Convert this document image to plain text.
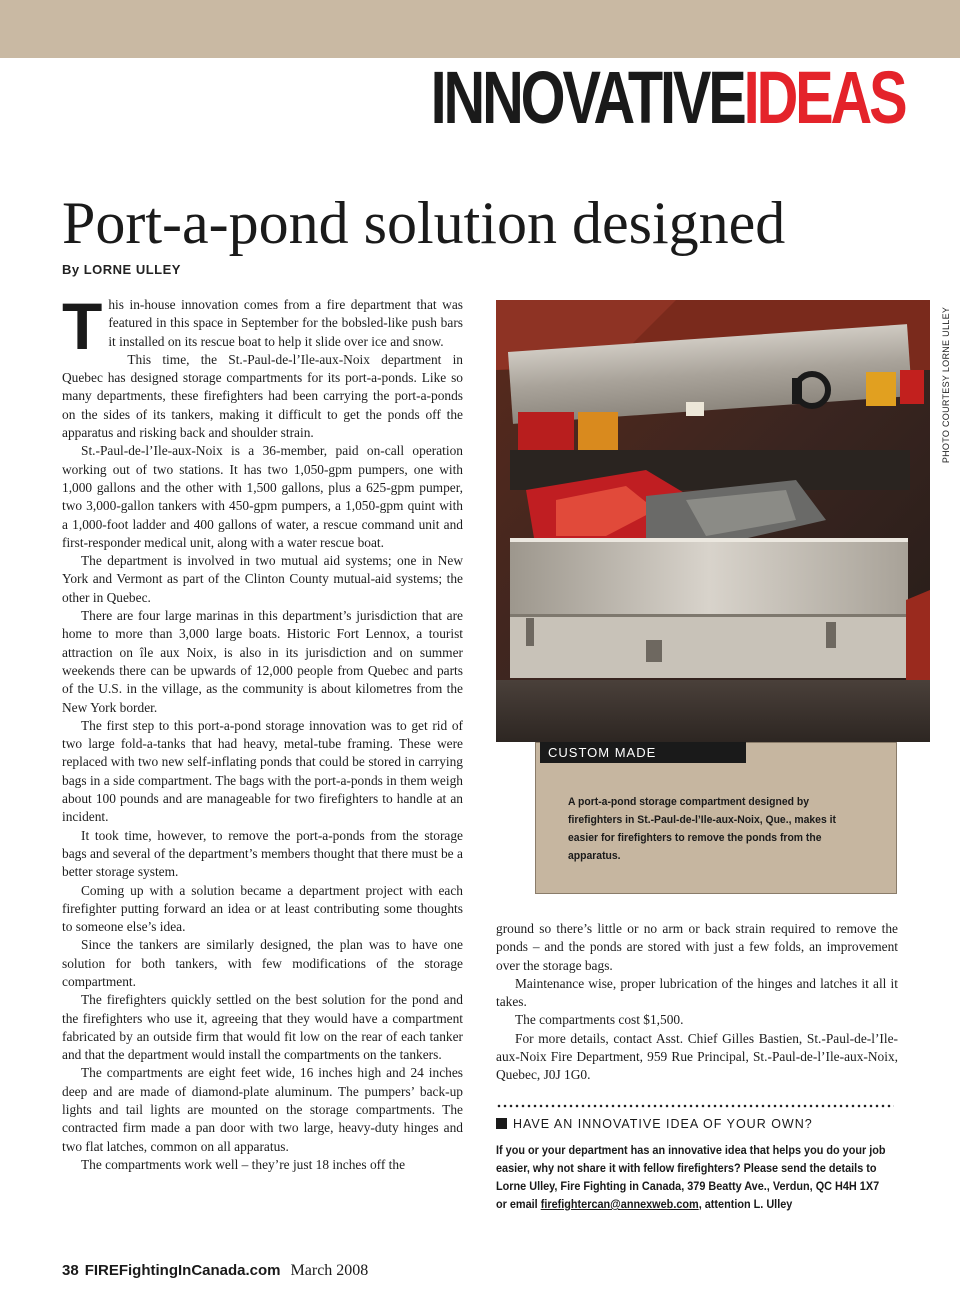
INNOVATIVEIDEAS
Port-a-pond solution designed
By LORNE ULLEY

This in-house innovation comes from a fire department that was featured in this space in September for the bobsled-like push bars it installed on its rescue boat to help it slide over ice and snow.

This time, the St.-Paul-de-l’Ile-aux-Noix department in Quebec has designed storage compartments for its port-a-ponds. Like so many departments, these firefighters had been carrying the port-a-ponds on the sides of its tankers, making it difficult to get the ponds off the apparatus and risking back and shoulder strain.

St.-Paul-de-l’Ile-aux-Noix is a 36-member, paid on-call operation working out of two stations. It has two 1,050-gpm pumpers, one with 1,000 gallons and the other with 1,500 gallons, plus a 625-gpm pumper, two 3,000-gallon tankers with 450-gpm pumpers, a 1,050-gpm quint with a 1,000-foot ladder and 400 gallons of water, a rescue command unit and first-responder medical unit, along with a water rescue boat.

The department is involved in two mutual aid systems; one in New York and Vermont as part of the Clinton County mutual-aid systems; the other in Quebec.

There are four large marinas in this department’s jurisdiction that are home to more than 3,000 large boats. Historic Fort Lennox, a tourist attraction on île aux Noix, is also in its jurisdiction and on summer weekends there can be upwards of 12,000 people from Quebec and parts of the U.S. in the village, as the community is about kilometres from the New York border.

The first step to this port-a-pond storage innovation was to get rid of two large fold-a-tanks that had heavy, metal-tube framing. These were replaced with two new self-inflating ponds that could be stored in carrying bags in a side compartment. The bags with the port-a-ponds in them weigh about 100 pounds and are manageable for two firefighters to handle at an incident.

It took time, however, to remove the port-a-ponds from the storage bags and several of the department’s members thought that there must be a better storage system.

Coming up with a solution became a department project with each firefighter putting forward an idea or at least contributing some thoughts to someone else’s idea.

Since the tankers are similarly designed, the plan was to have one solution for both tankers, with few modifications of the storage compartment.

The firefighters quickly settled on the best solution for the pond and the firefighters who use it, agreeing that they would have a compartment fabricated by an outside firm that would fit low on the rear of each tanker and that the department would install the compartments on the tankers.

The compartments are eight feet wide, 16 inches high and 24 inches deep and are made of diamond-plate aluminum. The pumpers’ back-up lights and tail lights are mounted on the storage compartments. The contracted firm made a pan door with two large, heavy-duty hinges and two flat latches, common on all apparatus.

The compartments work well – they’re just 18 inches off the

PHOTO COURTESY LORNE ULLEY
CUSTOM MADE
A port-a-pond storage compartment designed by firefighters in St.-Paul-de-l’Ile-aux-Noix, Que., makes it easier for firefighters to remove the ponds from the apparatus.

ground so there’s little or no arm or back strain required to remove the ponds – and the ponds are stored with just a few folds, an improvement over the storage bags.

Maintenance wise, proper lubrication of the hinges and latches it all it takes.

The compartments cost $1,500.

For more details, contact Asst. Chief Gilles Bastien, St.-Paul-de-l’Ile-aux-Noix Fire Department, 959 Rue Principal, St.-Paul-de-l’Ile-aux-Noix, Quebec, J0J 1G0.

HAVE AN INNOVATIVE IDEA OF YOUR OWN?
If you or your department has an innovative idea that helps you do your job easier, why not share it with fellow firefighters? Please send the details to Lorne Ulley, Fire Fighting in Canada, 379 Beatty Ave., Verdun, QC H4H 1X7 or email firefightercan@annexweb.com, attention L. Ulley
38 FIREFightingInCanada.com March 2008
